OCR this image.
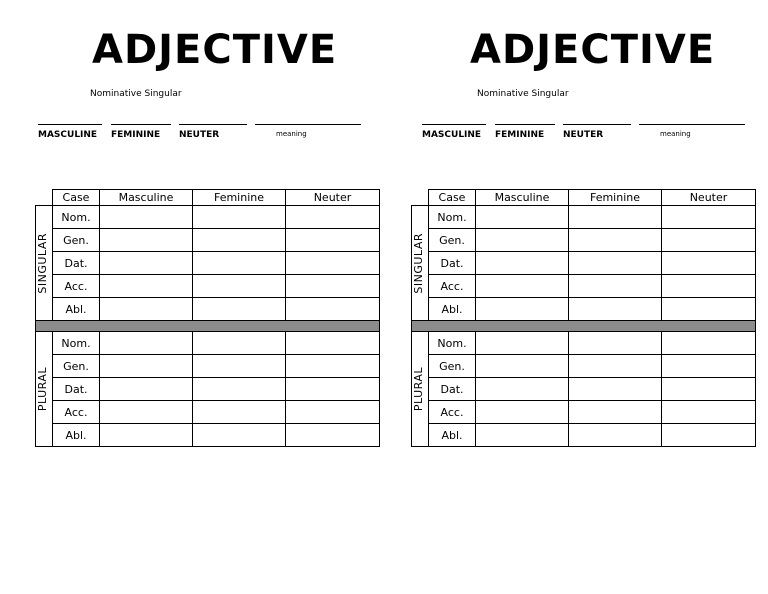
ADJECTIVE
Nominative Singular
MASCULINE	FEMININE	NEUTER	meaning
	Case	Masculine	Feminine	Neuter

SINGULAR	Nom.			
	Gen.			
	Dat.			
	Acc.			
	Abl.			

PLURAL	Nom.			
	Gen.			
	Dat.			
	Acc.			
	Abl.			
ADJECTIVE
Nominative Singular
MASCULINE	FEMININE	NEUTER	meaning
	Case	Masculine	Feminine	Neuter

SINGULAR	Nom.			
	Gen.			
	Dat.			
	Acc.			
	Abl.			

PLURAL	Nom.			
	Gen.			
	Dat.			
	Acc.			
	Abl.			
